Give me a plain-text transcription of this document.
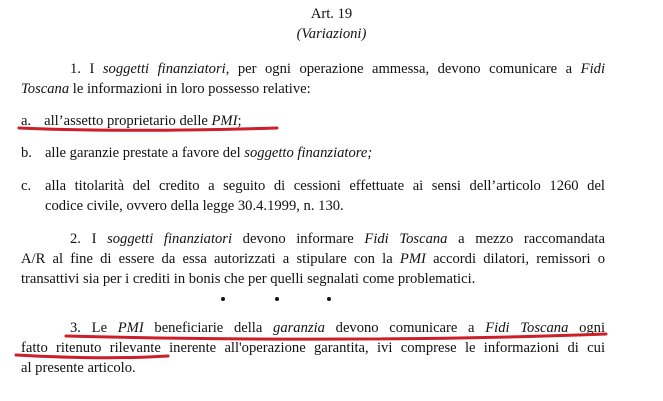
Art. 19
(Variazioni)
1. I soggetti finanziatori, per ogni operazione ammessa, devono comunicare a Fidi
Toscana le informazioni in loro possesso relative:
a. all’assetto proprietario delle PMI;
b. alle garanzie prestate a favore del soggetto finanziatore;
c. alla titolarità del credito a seguito di cessioni effettuate ai sensi dell’articolo 1260 del
codice civile, ovvero della legge 30.4.1999, n. 130.
2. I soggetti finanziatori devono informare Fidi Toscana a mezzo raccomandata
A/R al fine di essere da essa autorizzati a stipulare con la PMI accordi dilatori, remissori o
transattivi sia per i crediti in bonis che per quelli segnalati come problematici.
3. Le PMI beneficiarie della garanzia devono comunicare a Fidi Toscana ogni
fatto ritenuto rilevante inerente all'operazione garantita, ivi comprese le informazioni di cui
al presente articolo.
